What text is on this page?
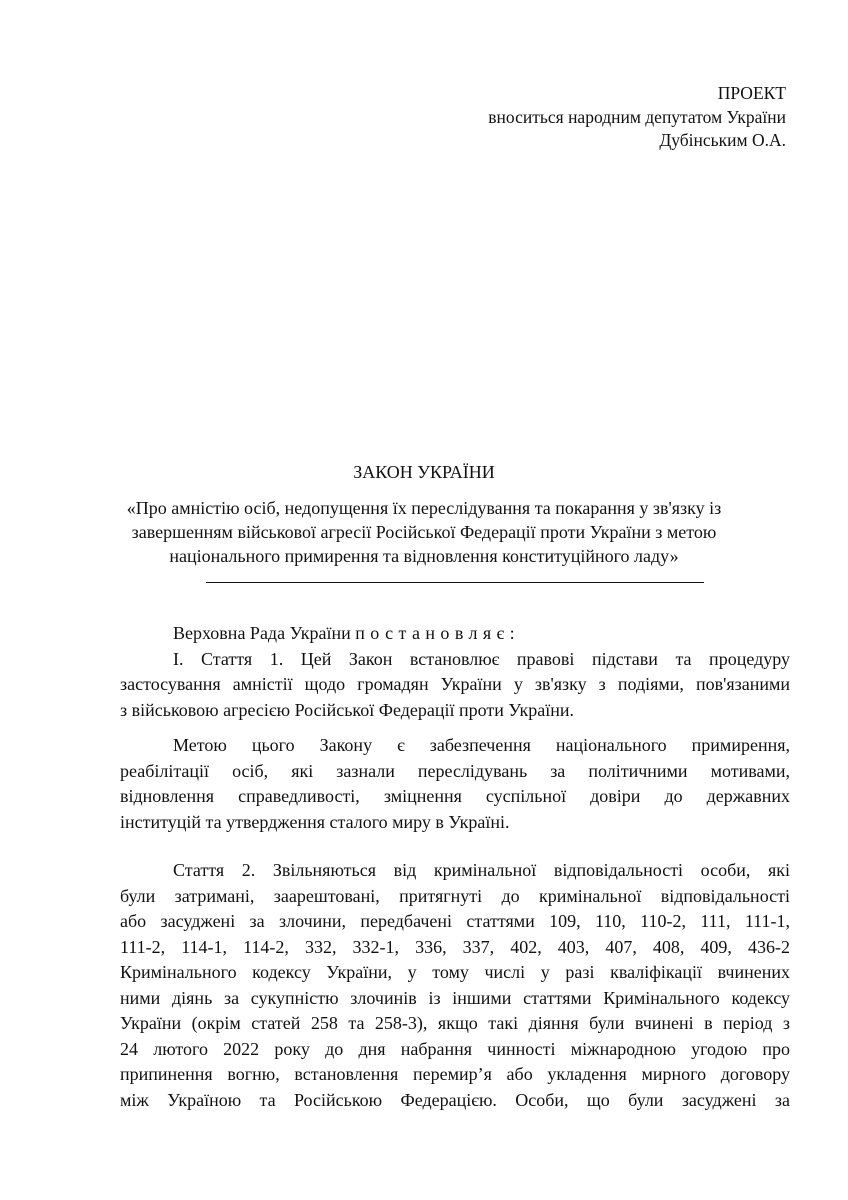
ПРОЕКТ
вноситься народним депутатом України
Дубінським О.А.
ЗАКОН УКРАЇНИ
«Про амністію осіб, недопущення їх переслідування та покарання у зв'язку із
завершенням військової агресії Російської Федерації проти України з метою
національного примирення та відновлення конституційного ладу»

Верховна Рада України постановляє:

I. Стаття 1. Цей Закон встановлює правові підстави та процедуру
застосування амністії щодо громадян України у зв'язку з подіями, пов'язаними
з військовою агресією Російської Федерації проти України.

Метою цього Закону є забезпечення національного примирення,
реабілітації осіб, які зазнали переслідувань за політичними мотивами,
відновлення справедливості, зміцнення суспільної довіри до державних
інституцій та утвердження сталого миру в Україні.

Стаття 2. Звільняються від кримінальної відповідальності особи, які
були затримані, заарештовані, притягнуті до кримінальної відповідальності
або засуджені за злочини, передбачені статтями 109, 110, 110-2, 111, 111-1,
111-2, 114-1, 114-2, 332, 332-1, 336, 337, 402, 403, 407, 408, 409, 436-2
Кримінального кодексу України, у тому числі у разі кваліфікації вчинених
ними діянь за сукупністю злочинів із іншими статтями Кримінального кодексу
України (окрім статей 258 та 258-3), якщо такі діяння були вчинені в період з
24 лютого 2022 року до дня набрання чинності міжнародною угодою про
припинення вогню, встановлення перемир’я або укладення мирного договору
між Україною та Російською Федерацією. Особи, що були засуджені за
